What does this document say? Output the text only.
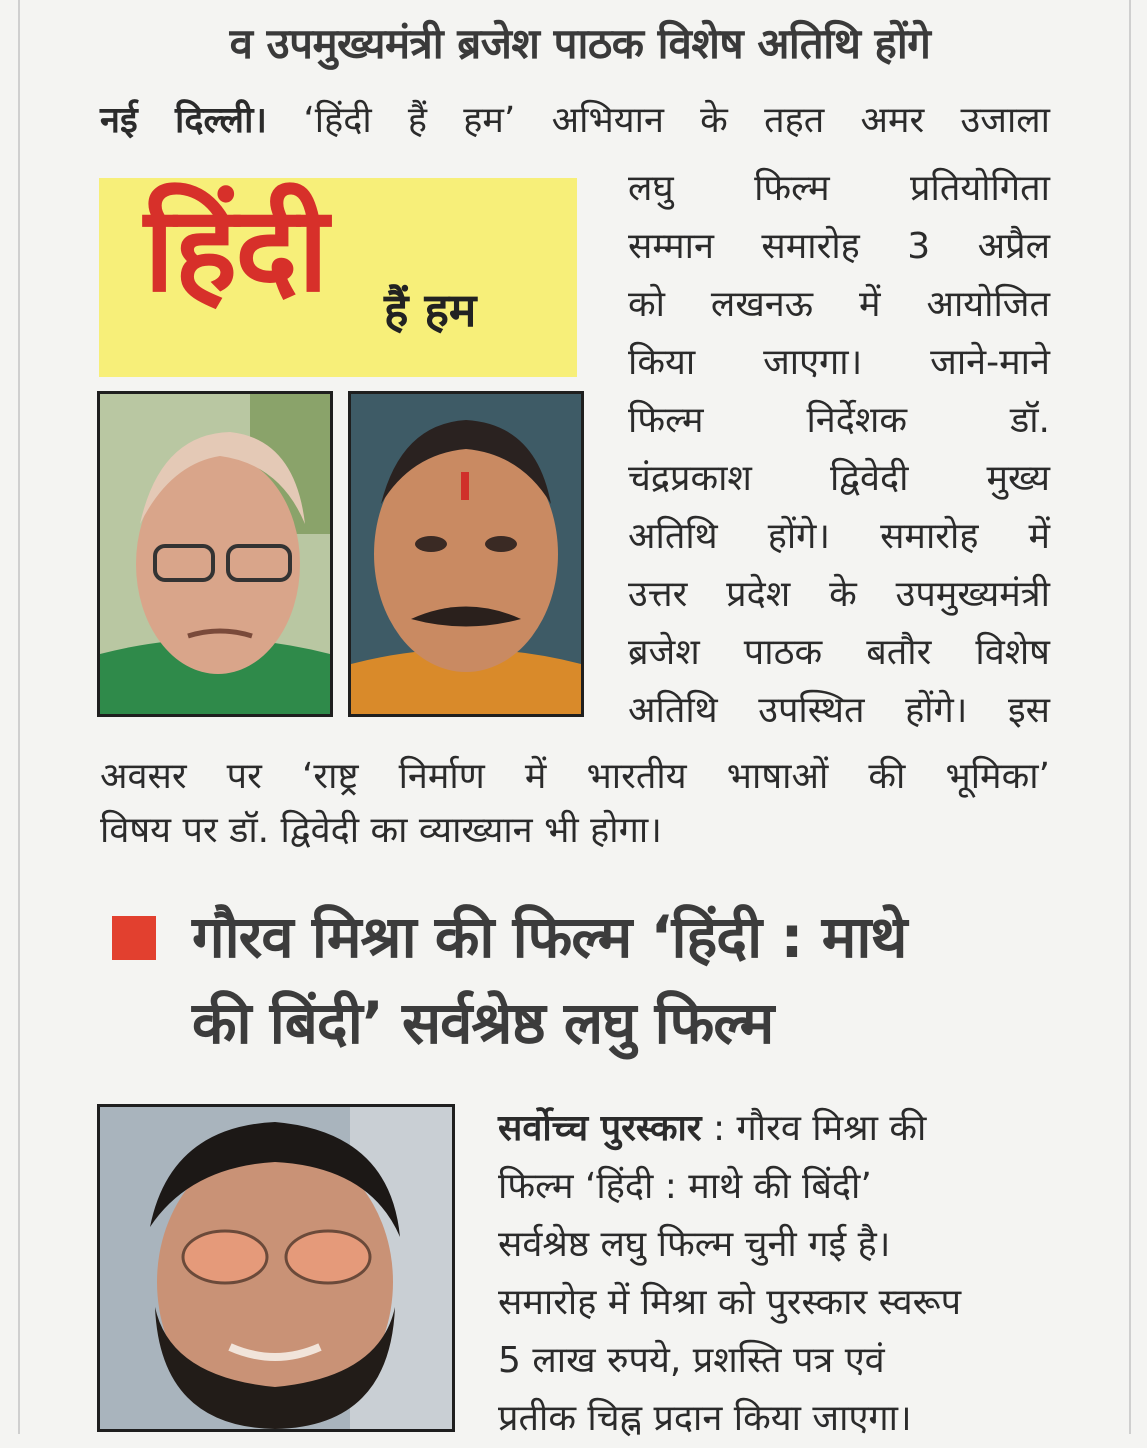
व उपमुख्यमंत्री ब्रजेश पाठक विशेष अतिथि होंगे
नई दिल्ली। ‘हिंदी हैं हम’ अभियान के तहत अमर उजाला
हिंदी हैं हम
लघु फिल्म प्रतियोगिता
सम्मान समारोह 3 अप्रैल
को लखनऊ में आयोजित
किया जाएगा। जाने-माने
फिल्म निर्देशक डॉ.
चंद्रप्रकाश द्विवेदी मुख्य
अतिथि होंगे। समारोह में
उत्तर प्रदेश के उपमुख्यमंत्री
ब्रजेश पाठक बतौर विशेष
अतिथि उपस्थित होंगे। इस
अवसर पर ‘राष्ट्र निर्माण में भारतीय भाषाओं की भूमिका’
विषय पर डॉ. द्विवेदी का व्याख्यान भी होगा।
गौरव मिश्रा की फिल्म ‘हिंदी : माथे
की बिंदी’ सर्वश्रेष्ठ लघु फिल्म
सर्वोच्च पुरस्कार : गौरव मिश्रा की
फिल्म ‘हिंदी : माथे की बिंदी’
सर्वश्रेष्ठ लघु फिल्म चुनी गई है।
समारोह में मिश्रा को पुरस्कार स्वरूप
5 लाख रुपये, प्रशस्ति पत्र एवं
प्रतीक चिह्न प्रदान किया जाएगा।
